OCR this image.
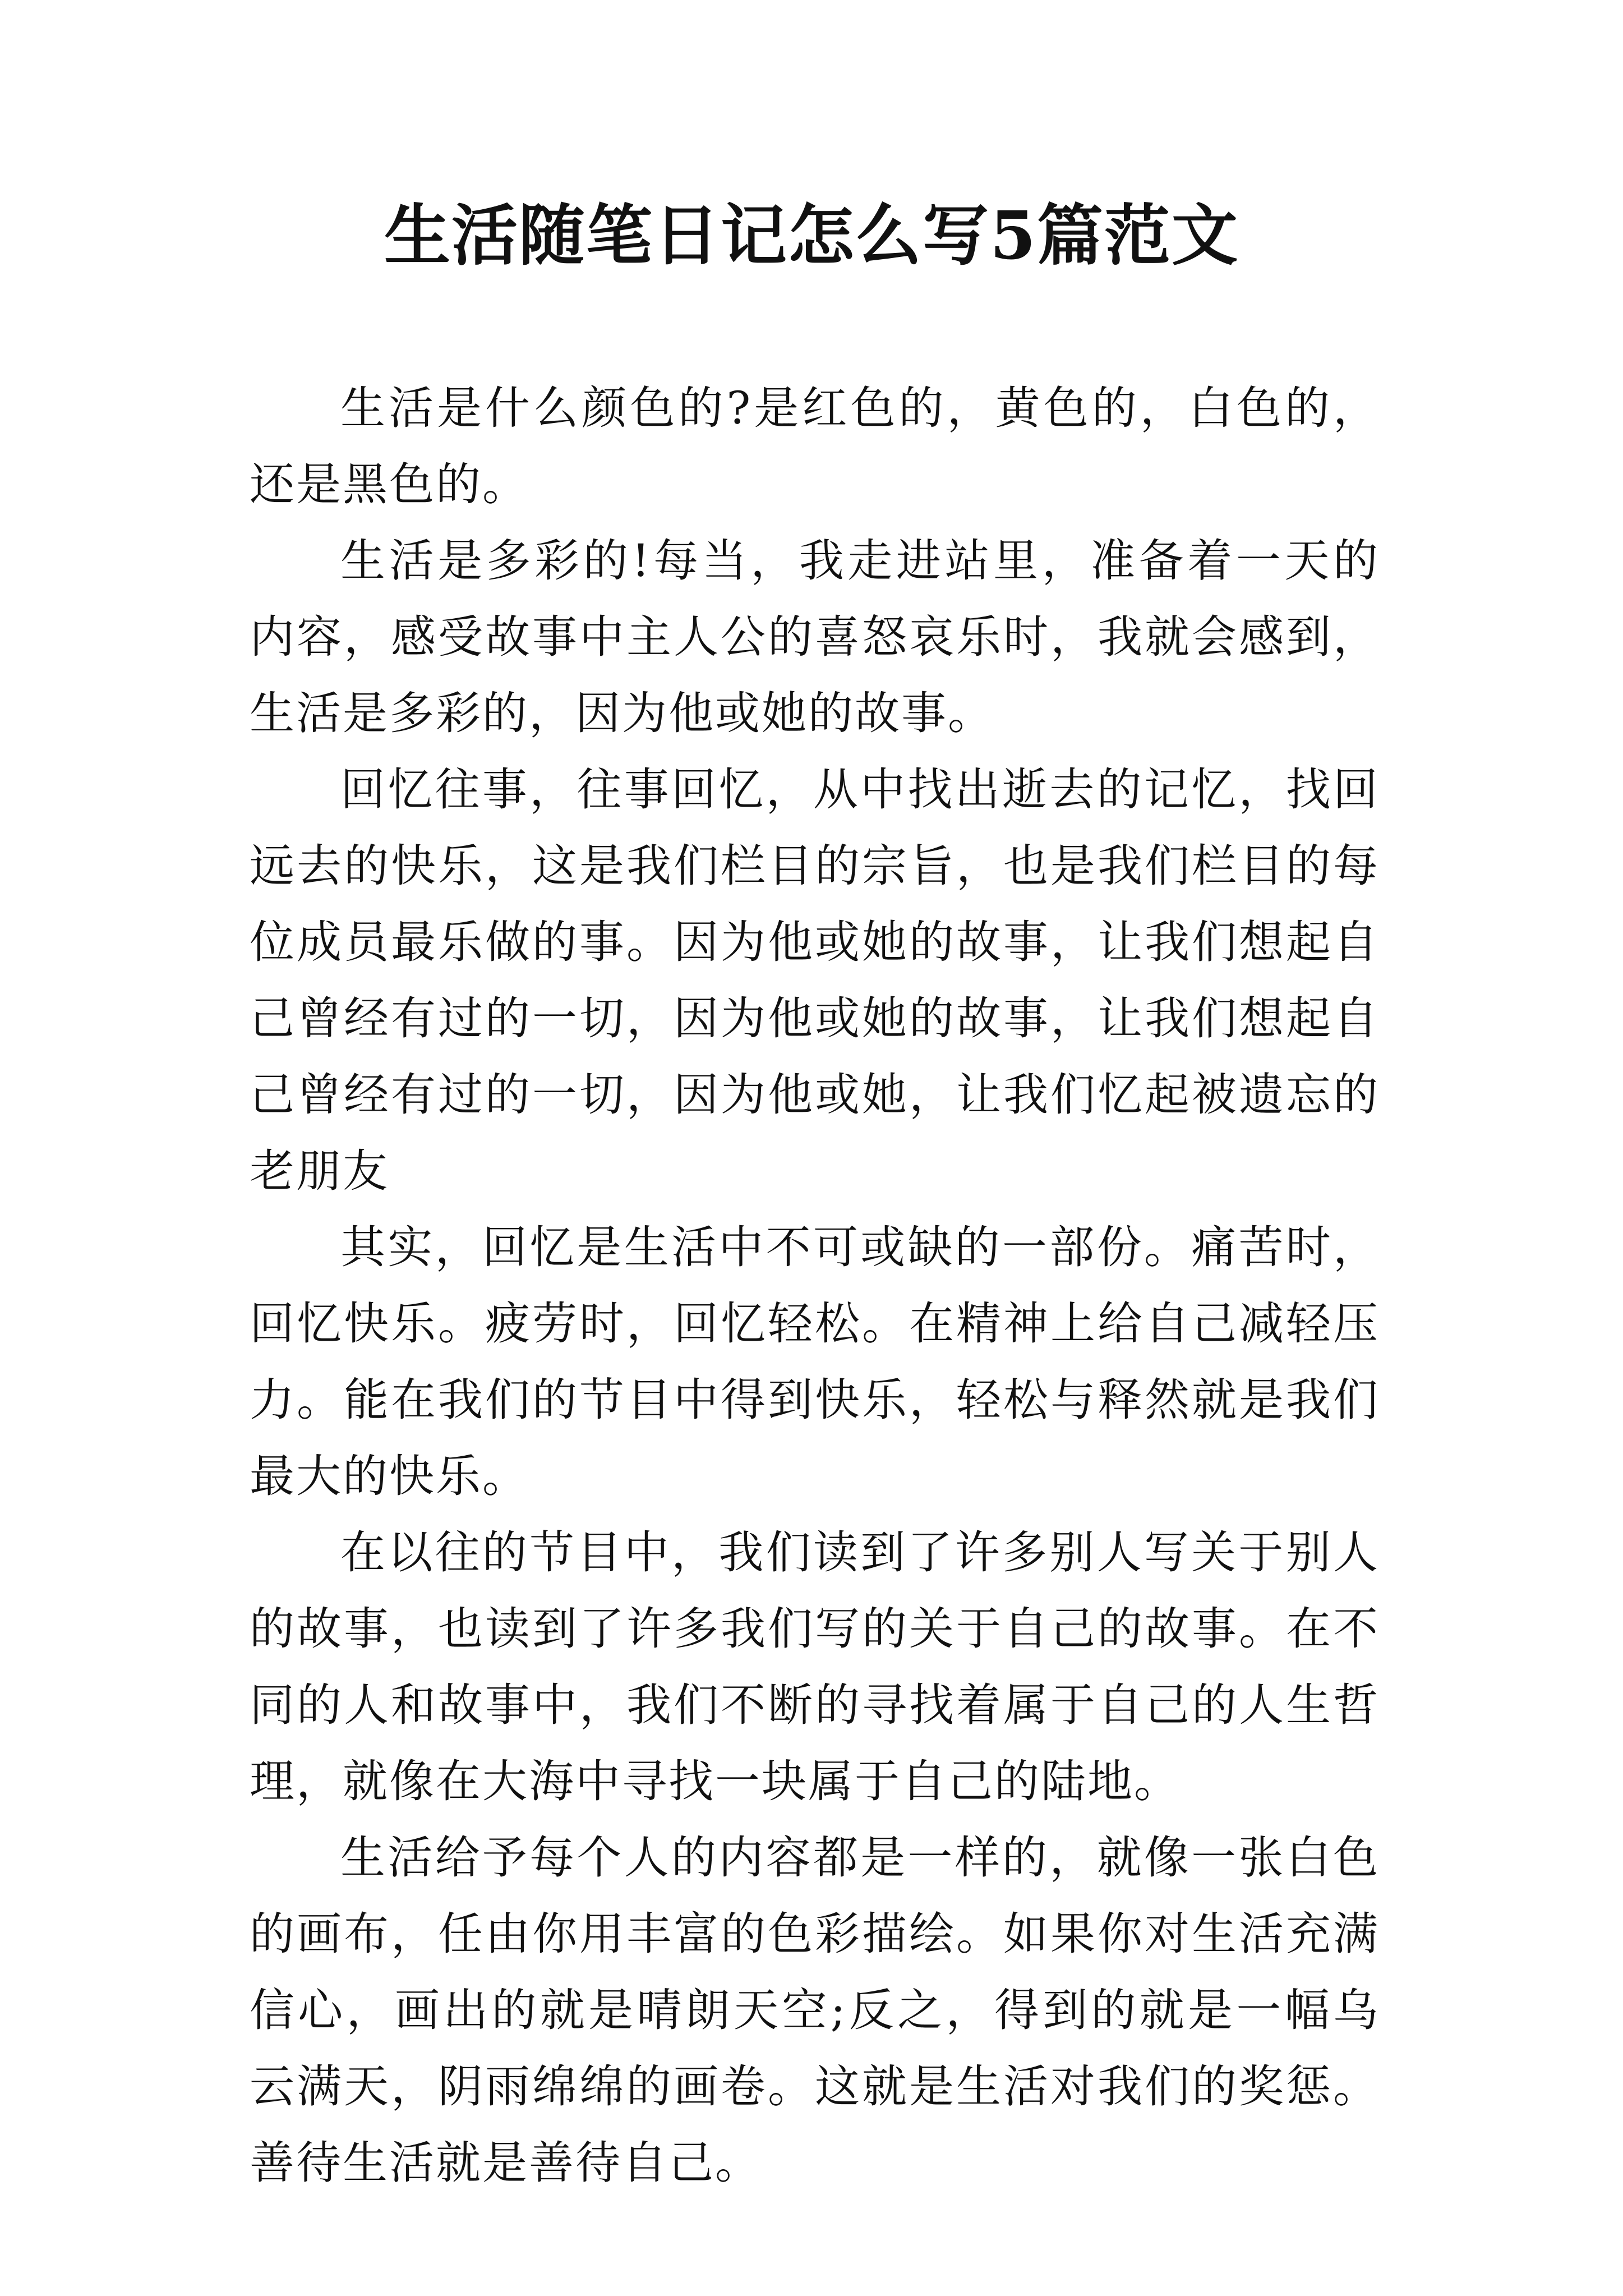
生活随笔日记怎么写5篇范文

生活是什么颜色的?是红色的，黄色的，白色的，还是黑色的。

生活是多彩的!每当，我走进站里，准备着一天的内容，感受故事中主人公的喜怒哀乐时，我就会感到，生活是多彩的，因为他或她的故事。

回忆往事，往事回忆，从中找出逝去的记忆，找回远去的快乐，这是我们栏目的宗旨，也是我们栏目的每位成员最乐做的事。因为他或她的故事，让我们想起自己曾经有过的一切，因为他或她的故事，让我们想起自己曾经有过的一切，因为他或她，让我们忆起被遗忘的老朋友

其实，回忆是生活中不可或缺的一部份。痛苦时，回忆快乐。疲劳时，回忆轻松。在精神上给自己减轻压力。能在我们的节目中得到快乐，轻松与释然就是我们最大的快乐。

在以往的节目中，我们读到了许多别人写关于别人的故事，也读到了许多我们写的关于自己的故事。在不同的人和故事中，我们不断的寻找着属于自己的人生哲理，就像在大海中寻找一块属于自己的陆地。

生活给予每个人的内容都是一样的，就像一张白色的画布，任由你用丰富的色彩描绘。如果你对生活充满信心，画出的就是晴朗天空;反之，得到的就是一幅乌云满天，阴雨绵绵的画卷。这就是生活对我们的奖惩。善待生活就是善待自己。
